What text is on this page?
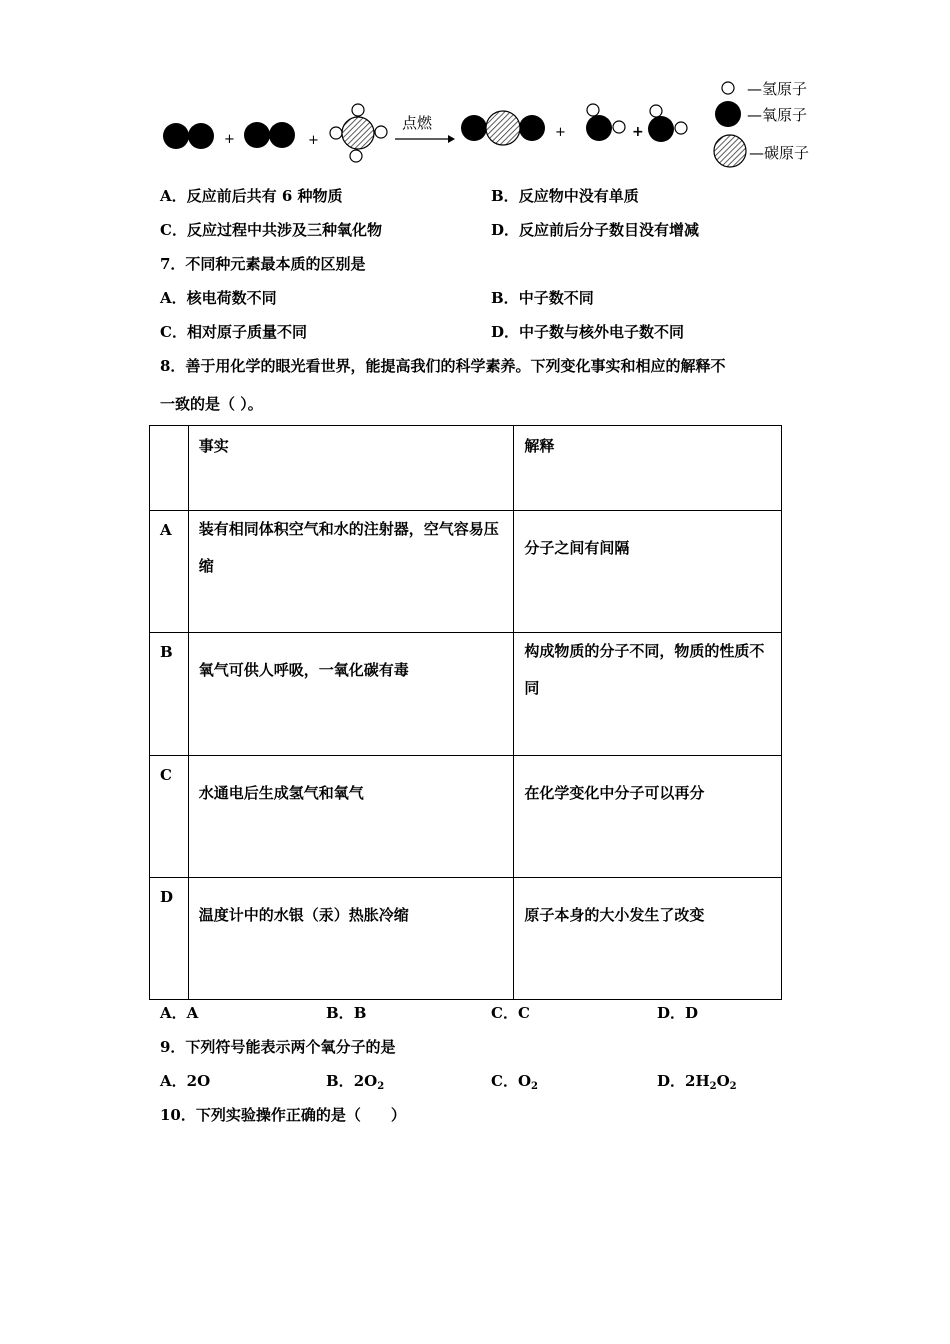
+	+
点燃
+	+
—氢原子
—氧原子
—碳原子
A．反应前后共有 6 种物质	B．反应物中没有单质
C．反应过程中共涉及三种氧化物	D．反应前后分子数目没有增减
7．不同种元素最本质的区别是
A．核电荷数不同	B．中子数不同
C．相对原子质量不同	D．中子数与核外电子数不同
8．善于用化学的眼光看世界，能提高我们的科学素养。下列变化事实和相应的解释不
一致的是（ ）。

	事实	解释

A	装有相同体积空气和水的注射器，空气容易压缩	分子之间有间隔

B	氧气可供人呼吸，一氧化碳有毒	构成物质的分子不同，物质的性质不同

C	水通电后生成氢气和氧气	在化学变化中分子可以再分

D	温度计中的水银（汞）热胀冷缩	原子本身的大小发生了改变
A．A	B．B	C．C	D．D
9．下列符号能表示两个氧分子的是
A．2O	B．$2O_2$	C．$O_2$	D．$2H_2O_2$
10．下列实验操作正确的是（　　）
